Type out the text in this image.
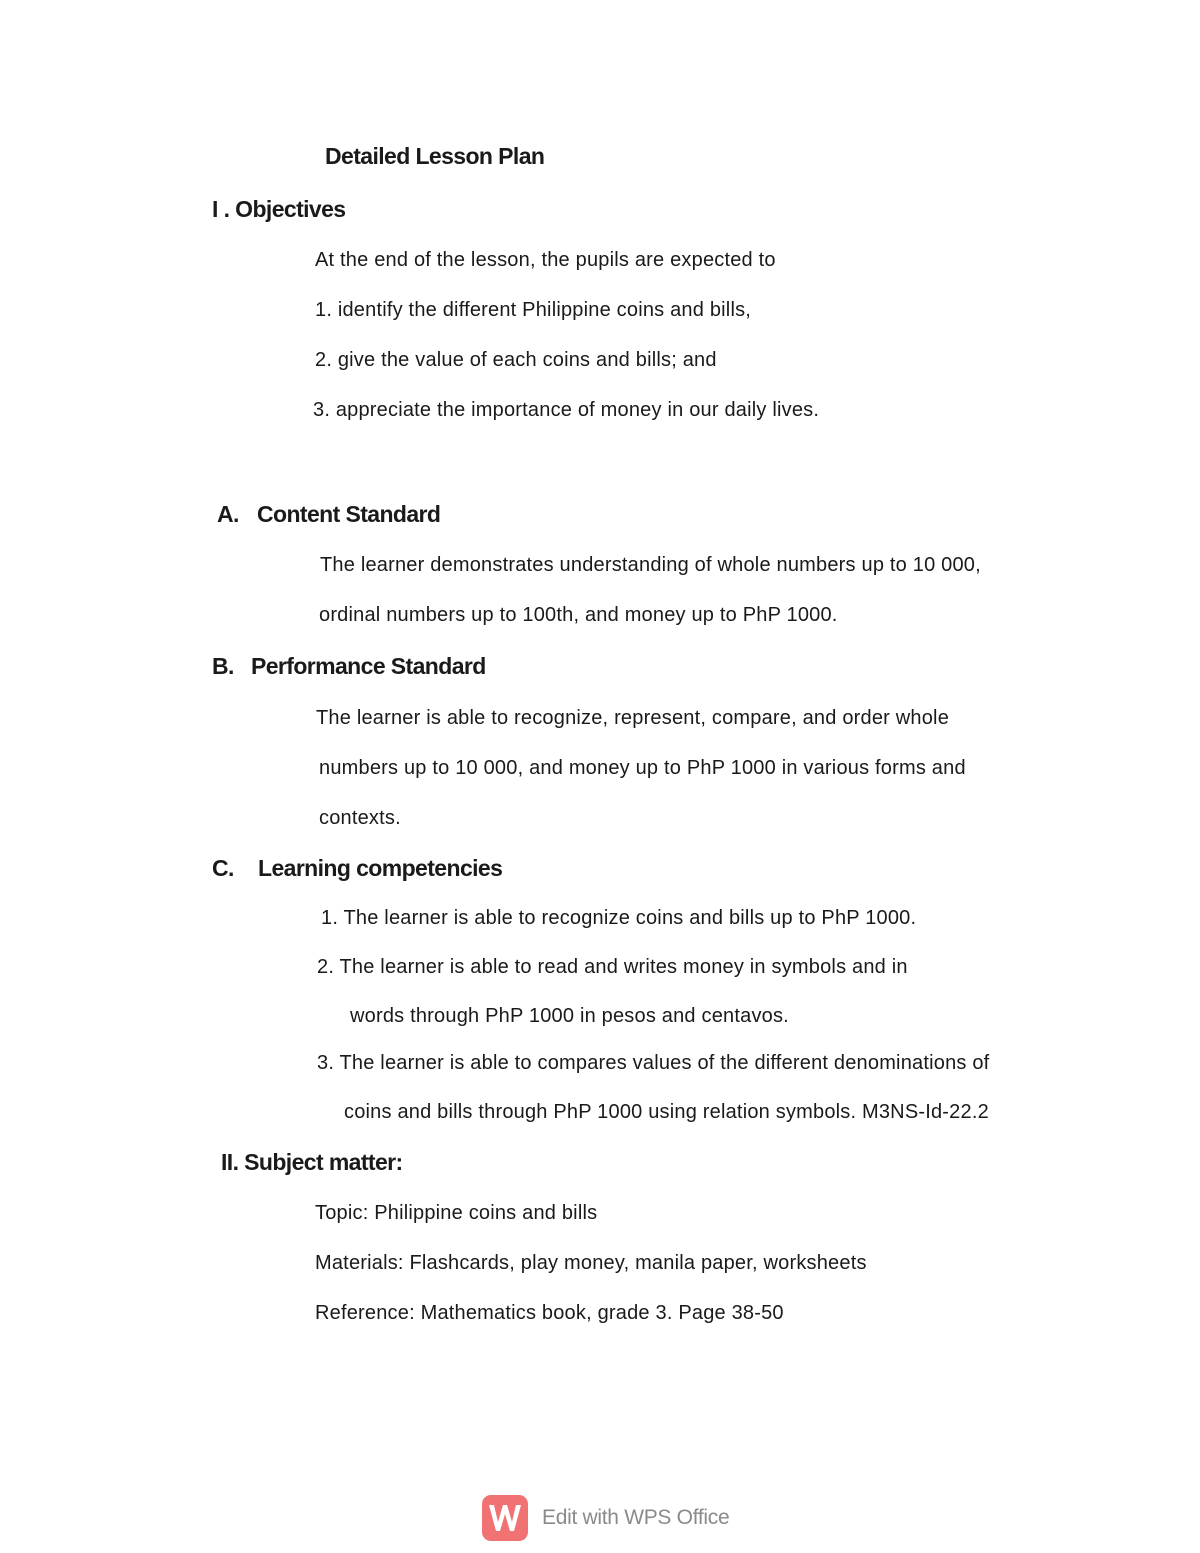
Detailed Lesson Plan
I . Objectives
At the end of the lesson, the pupils are expected to
1. identify the different Philippine coins and bills,
2. give the value of each coins and bills; and
3. appreciate the importance of money in our daily lives.
A. Content Standard
The learner demonstrates understanding of whole numbers up to 10 000,
ordinal numbers up to 100th, and money up to PhP 1000.
B. Performance Standard
The learner is able to recognize, represent, compare, and order whole
numbers up to 10 000, and money up to PhP 1000 in various forms and
contexts.
C. Learning competencies
1. The learner is able to recognize coins and bills up to PhP 1000.
2. The learner is able to read and writes money in symbols and in
words through PhP 1000 in pesos and centavos.
3. The learner is able to compares values of the different denominations of
coins and bills through PhP 1000 using relation symbols. M3NS-Id-22.2
II. Subject matter:
Topic: Philippine coins and bills
Materials: Flashcards, play money, manila paper, worksheets
Reference: Mathematics book, grade 3. Page 38-50
Edit with WPS Office
